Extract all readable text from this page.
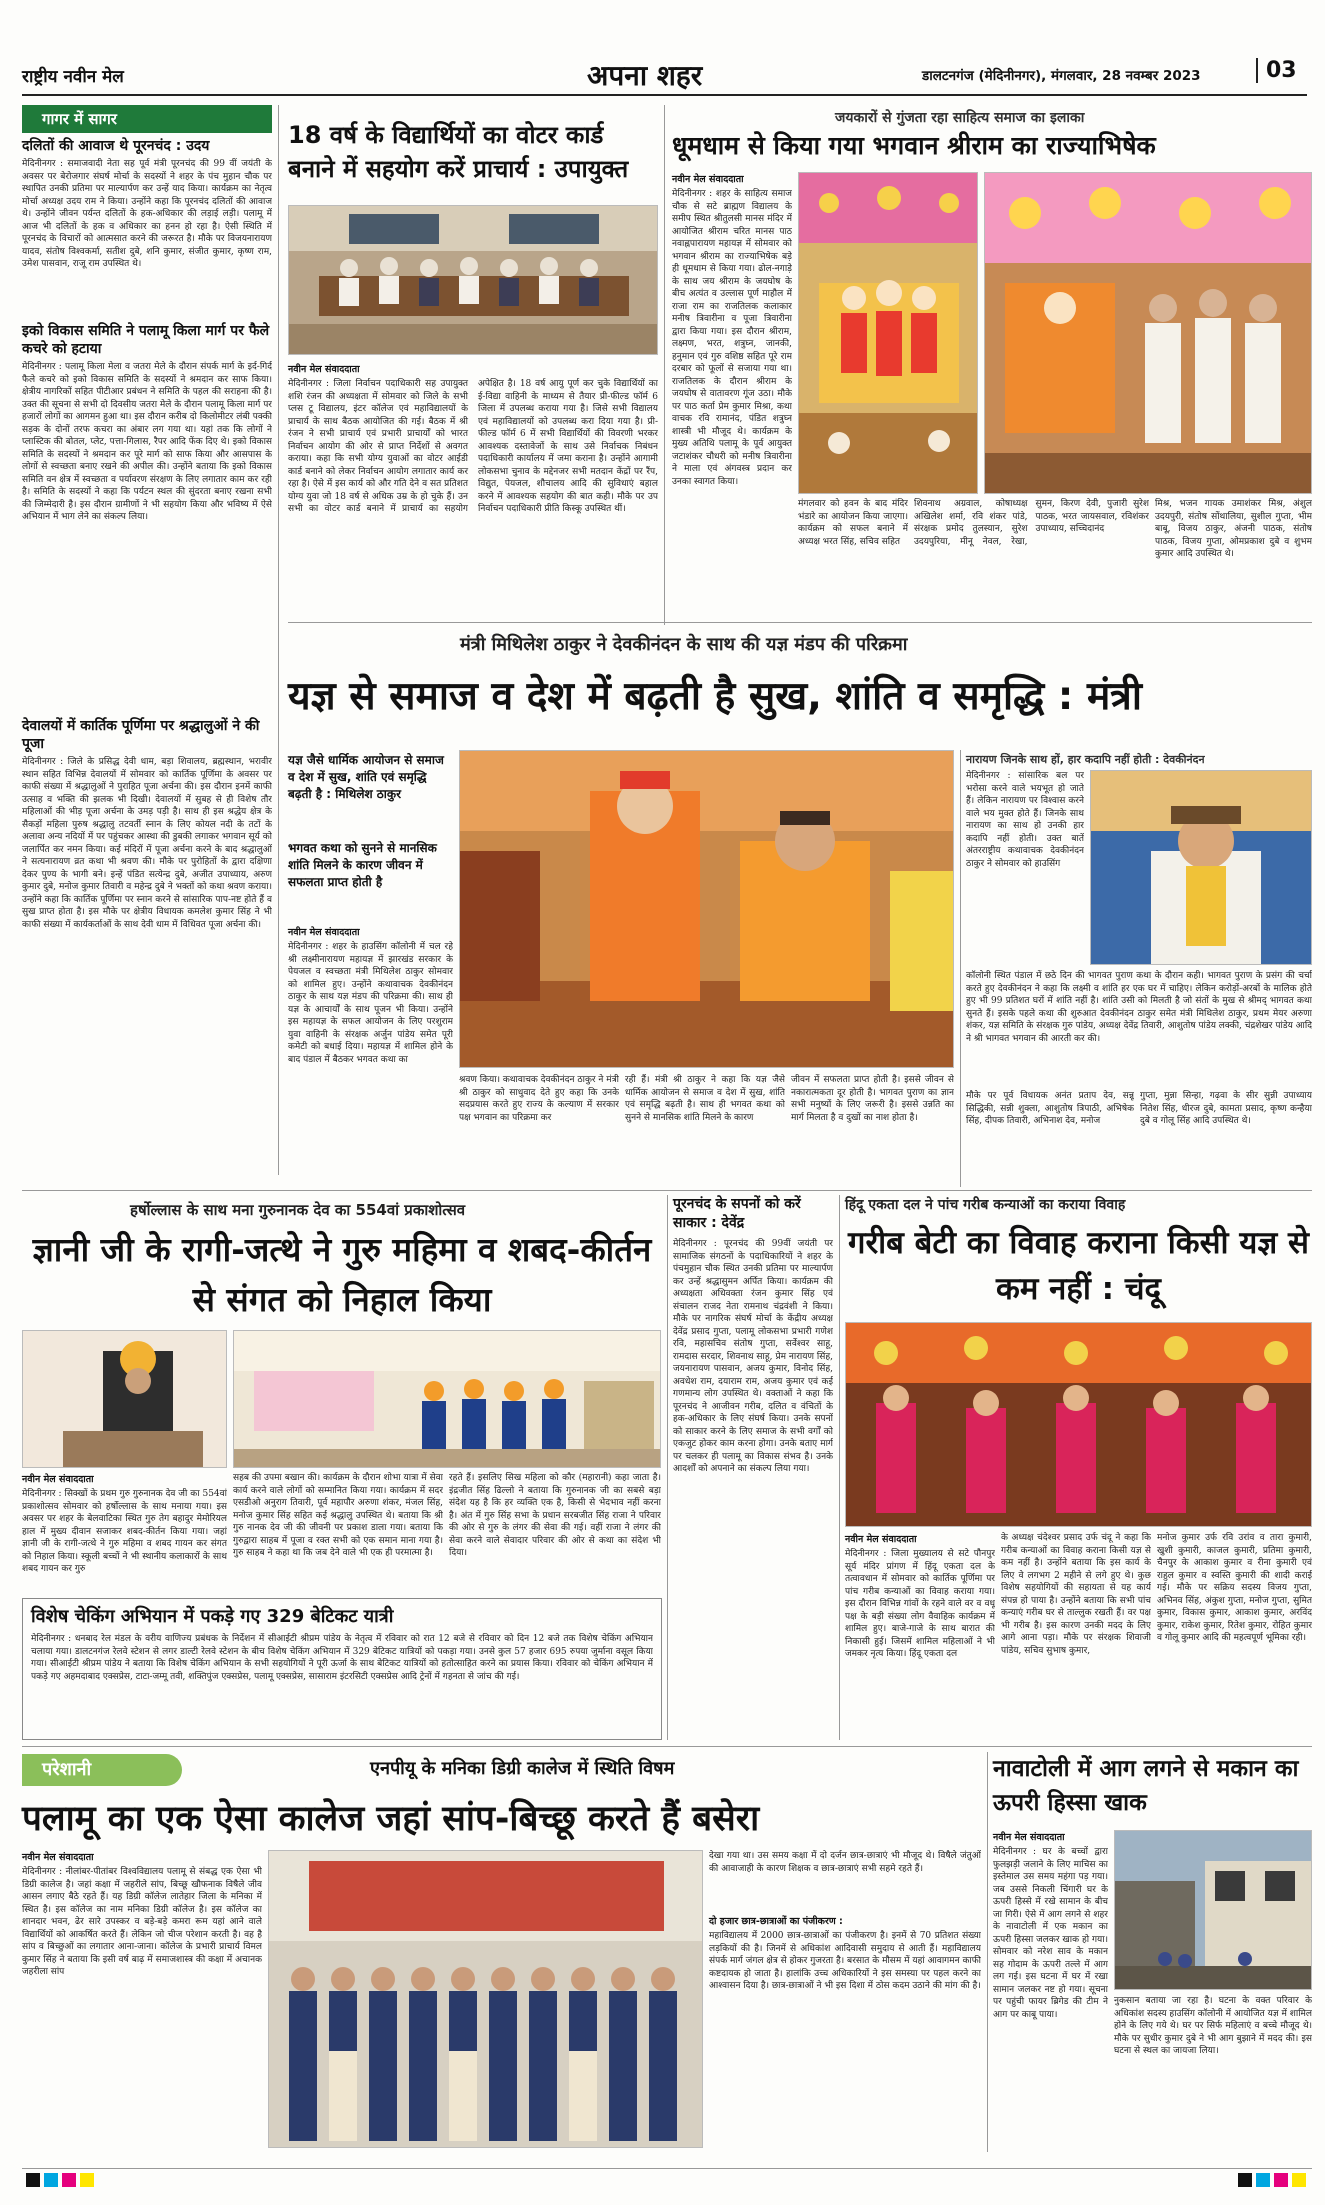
राष्ट्रीय नवीन मेल	अपना शहर	डालटनगंज (मेदिनीनगर), मंगलवार, 28 नवम्बर 2023	03
गागर में सागर
दलितों की आवाज थे पूरनचंद : उदय
मेदिनीनगर : समाजवादी नेता सह पूर्व मंत्री पूरनचंद की 99 वीं जयंती के अवसर पर बेरोजगार संघर्ष मोर्चा के सदस्यों ने शहर के पंच मुहान चौक पर स्थापित उनकी प्रतिमा पर माल्यार्पण कर उन्हें याद किया। कार्यक्रम का नेतृत्व मोर्चा अध्यक्ष उदय राम ने किया। उन्होंने कहा कि पूरनचंद दलितों की आवाज थे। उन्होंने जीवन पर्यन्त दलितों के हक-अधिकार की लड़ाई लड़ी। पलामू में आज भी दलितों के हक व अधिकार का हनन हो रहा है। ऐसी स्थिति में पूरनचंद के विचारों को आत्मसात करने की जरूरत है। मौके पर विजयनारायण यादव, संतोष विश्वकर्मा, सतीश दुबे, शनि कुमार, संजीत कुमार, कृष्ण राम, उमेश पासवान, राजू राम उपस्थित थे।
इको विकास समिति ने पलामू किला मार्ग पर फैले कचरे को हटाया
मेदिनीनगर : पलामू किला मेला व जतरा मेले के दौरान संपर्क मार्ग के इर्द-गिर्द फैले कचरे को इको विकास समिति के सदस्यों ने श्रमदान कर साफ किया। क्षेत्रीय नागरिकों सहित पीटीआर प्रबंधन ने समिति के पहल की सराहना की है। उक्त की सूचना से सभी दो दिवसीय जतरा मेले के दौरान पलामू किला मार्ग पर हजारों लोगों का आगमन हुआ था। इस दौरान करीब दो किलोमीटर लंबी पक्की सड़क के दोनों तरफ कचरा का अंबार लग गया था। यहां तक कि लोगों ने प्लास्टिक की बोतल, प्लेट, पत्ता-गिलास, रैपर आदि फेंक दिए थे। इको विकास समिति के सदस्यों ने श्रमदान कर पूरे मार्ग को साफ किया और आसपास के लोगों से स्वच्छता बनाए रखने की अपील की। उन्होंने बताया कि इको विकास समिति वन क्षेत्र में स्वच्छता व पर्यावरण संरक्षण के लिए लगातार काम कर रही है। समिति के सदस्यों ने कहा कि पर्यटन स्थल की सुंदरता बनाए रखना सभी की जिम्मेदारी है। इस दौरान ग्रामीणों ने भी सहयोग किया और भविष्य में ऐसे अभियान में भाग लेने का संकल्प लिया।
देवालयों में कार्तिक पूर्णिमा पर श्रद्धालुओं ने की पूजा
मेदिनीनगर : जिले के प्रसिद्ध देवी धाम, बड़ा शिवालय, ब्रह्मस्थान, भरावीर स्थान सहित विभिन्न देवालयों में सोमवार को कार्तिक पूर्णिमा के अवसर पर काफी संख्या में श्रद्धालुओं ने पुराहित पूजा अर्चना की। इस दौरान इनमें काफी उत्साह व भक्ति की झलक भी दिखी। देवालयों में सुबह से ही विशेष तौर महिलाओं की भीड़ पूजा अर्चना के उमड़ पड़ी है। साथ ही इस श्रद्धेय क्षेत्र के सैकड़ों महिला पुरुष श्रद्धालु तटवर्ती स्नान के लिए कोयल नदी के तटों के अलावा अन्य नदियों में पर पहुंचकर आस्था की डुबकी लगाकर भगवान सूर्य को जलार्पित कर नमन किया। कई मंदिरों में पूजा अर्चना करने के बाद श्रद्धालुओं ने सत्यनारायण व्रत कथा भी श्रवण की। मौके पर पुरोहितों के द्वारा दक्षिणा देकर पुण्य के भागी बने। इन्हें पंडित सत्येन्द्र दुबे, अजीत उपाध्याय, अरुण कुमार दुबे, मनोज कुमार तिवारी व महेन्द्र दुबे ने भक्तों को कथा श्रवण कराया। उन्होंने कहा कि कार्तिक पूर्णिमा पर स्नान करने से सांसारिक पाप-नष्ट होते हैं व सुख प्राप्त होता है। इस मौके पर क्षेत्रीय विधायक कमलेश कुमार सिंह ने भी काफी संख्या में कार्यकर्ताओं के साथ देवी धाम में विधिवत पूजा अर्चना की।
18 वर्ष के विद्यार्थियों का वोटर कार्ड बनाने में सहयोग करें प्राचार्य : उपायुक्त
नवीन मेल संवाददाता
मेदिनीनगर : जिला निर्वाचन पदाधिकारी सह उपायुक्त शशि रंजन की अध्यक्षता में सोमवार को जिले के सभी प्लस टू विद्यालय, इंटर कॉलेज एवं महाविद्यालयों के प्राचार्य के साथ बैठक आयोजित की गई। बैठक में श्री रंजन ने सभी प्राचार्य एवं प्रभारी प्राचार्यों को भारत निर्वाचन आयोग की ओर से प्राप्त निर्देशों से अवगत कराया। कहा कि सभी योग्य युवाओं का वोटर आईडी कार्ड बनाने को लेकर निर्वाचन आयोग लगातार कार्य कर रहा है। ऐसे में इस कार्य को और गति देने व सत प्रतिशत योग्य युवा जो 18 वर्ष से अधिक उम्र के हो चुके हैं। उन सभी का वोटर कार्ड बनाने में प्राचार्य का सहयोग अपेक्षित है। 18 वर्ष आयु पूर्ण कर चुके विद्यार्थियों का ई-विद्या वाहिनी के माध्यम से तैयार प्री-फील्ड फॉर्म 6 जिला में उपलब्ध कराया गया है। जिसे सभी विद्यालय एवं महाविद्यालयों को उपलब्ध करा दिया गया है। प्री-फील्ड फॉर्म 6 में सभी विद्यार्थियों की विवरणी भरकर आवश्यक दस्तावेजों के साथ उसे निर्वाचक निबंधन पदाधिकारी कार्यालय में जमा कराना है। उन्होंने आगामी लोकसभा चुनाव के मद्देनजर सभी मतदान केंद्रों पर रैंप, विद्युत, पेयजल, शौचालय आदि की सुविधाएं बहाल करने में आवश्यक सहयोग की बात कही। मौके पर उप निर्वाचन पदाधिकारी प्रीति किस्कू उपस्थित थीं।
जयकारों से गुंजता रहा साहित्य समाज का इलाका
धूमधाम से किया गया भगवान श्रीराम का राज्याभिषेक
नवीन मेल संवाददाता
मेदिनीनगर : शहर के साहित्य समाज चौक से सटे ब्राह्मण विद्यालय के समीप स्थित श्रीतुलसी मानस मंदिर में आयोजित श्रीराम चरित मानस पाठ नवाह्नपारायण महायज्ञ में सोमवार को भगवान श्रीराम का राज्याभिषेक बड़े ही धूमधाम से किया गया। ढोल-नगाड़े के साथ जय श्रीराम के जयघोष के बीच अत्यंत व उल्लास पूर्ण माहौल में राजा राम का राजतिलक कलाकार मनीष त्रिवारीना व पूजा त्रिवारीना द्वारा किया गया। इस दौरान श्रीराम, लक्ष्मण, भरत, शत्रुघ्न, जानकी, हनुमान एवं गुरु वशिष्ठ सहित पूरे राम दरबार को फूलों से सजाया गया था। राजतिलक के दौरान श्रीराम के जयघोष से वातावरण गूंज उठा। मौके पर पाठ कर्ता प्रेम कुमार मिश्रा, कथा वाचक रवि रामानंद, पंडित शत्रुघ्न शास्त्री भी मौजूद थे। कार्यक्रम के मुख्य अतिथि पलामू के पूर्व आयुक्त जटाशंकर चौधरी को मनीष त्रिवारीना ने माला एवं अंगवस्त्र प्रदान कर उनका स्वागत किया।
मंगलवार को हवन के बाद मंदिर भंडारे का आयोजन किया जाएगा। कार्यक्रम को सफल बनाने में अध्यक्ष भरत सिंह, सचिव सहित
शिवनाथ अग्रवाल, कोषाध्यक्ष अखिलेश शर्मा, रवि शंकर पांडे, संरक्षक प्रमोद तुलस्यान, सुरेश उदयपुरिया, मीनू नेवल, रेखा, सुमन, किरण देवी, पुजारी सुरेश पाठक, भरत जायसवाल, रविशंकर उपाध्याय, सच्चिदानंद
मिश्र, भजन गायक उमाशंकर मिश्र, अंशुल उदयपुरी, संतोष सोंथालिया, सुशील गुप्ता, भीम बाबू, विजय ठाकुर, अंजनी पाठक, संतोष पाठक, विजय गुप्ता, ओमप्रकाश दुबे व शुभम कुमार आदि उपस्थित थे।
मंत्री मिथिलेश ठाकुर ने देवकीनंदन के साथ की यज्ञ मंडप की परिक्रमा
यज्ञ से समाज व देश में बढ़ती है सुख, शांति व समृद्धि : मंत्री
यज्ञ जैसे धार्मिक आयोजन से समाज व देश में सुख, शांति एवं समृद्धि बढ़ती है : मिथिलेश ठाकुर
भगवत कथा को सुनने से मानसिक शांति मिलने के कारण जीवन में सफलता प्राप्त होती है
नवीन मेल संवाददाता
मेदिनीनगर : शहर के हाउसिंग कॉलोनी में चल रहे श्री लक्ष्मीनारायण महायज्ञ में झारखंड सरकार के पेयजल व स्वच्छता मंत्री मिथिलेश ठाकुर सोमवार को शामिल हुए। उन्होंने कथावाचक देवकीनंदन ठाकुर के साथ यज्ञ मंडप की परिक्रमा की। साथ ही यज्ञ के आचार्यों के साथ पूजन भी किया। उन्होंने इस महायज्ञ के सफल आयोजन के लिए परशुराम युवा वाहिनी के संरक्षक अर्जुन पांडेय समेत पूरी कमेटी को बधाई दिया। महायज्ञ में शामिल होने के बाद पंडाल में बैठकर भगवत कथा का
श्रवण किया। कथावाचक देवकीनंदन ठाकुर ने मंत्री श्री ठाकुर को साधुवाद देते हुए कहा कि उनके सदप्रयास करते हुए राज्य के कल्याण में सरकार पक्ष भगवान का परिक्रमा कर
रही हैं। मंत्री श्री ठाकुर ने कहा कि यज्ञ जैसे धार्मिक आयोजन से समाज व देश में सुख, शांति एवं समृद्धि बढ़ती है। साथ ही भगवत कथा को सुनने से मानसिक शांति मिलने के कारण
जीवन में सफलता प्राप्त होती है। इससे जीवन से नकारात्मकता दूर होती है। भागवत पुराण का ज्ञान सभी मनुष्यों के लिए जरूरी है। इससे उन्नति का मार्ग मिलता है व दुखों का नाश होता है।
नारायण जिनके साथ हों, हार कदापि नहीं होती : देवकीनंदन
मेदिनीनगर : सांसारिक बल पर भरोसा करने वाले भयभूत हो जाते हैं। लेकिन नारायण पर विश्वास करने वाले भय मुक्त होते हैं। जिनके साथ नारायण का साथ हो उनकी हार कदापि नहीं होती। उक्त बातें अंतरराष्ट्रीय कथावाचक देवकीनंदन ठाकुर ने सोमवार को हाउसिंग
कॉलोनी स्थित पंडाल में छठे दिन की भागवत पुराण कथा के दौरान कही। भागवत पुराण के प्रसंग की चर्चा करते हुए देवकीनंदन ने कहा कि लक्ष्मी व शांति हर एक घर में चाहिए। लेकिन करोड़ों-अरबों के मालिक होते हुए भी 99 प्रतिशत घरों में शांति नहीं है। शांति उसी को मिलती है जो संतों के मुख से श्रीमद् भागवत कथा सुनते हैं। इसके पहले कथा की शुरुआत देवकीनंदन ठाकुर समेत मंत्री मिथिलेश ठाकुर, प्रथम मेयर अरुणा शंकर, यज्ञ समिति के संरक्षक गुरु पांडेय, अध्यक्ष देवेंद्र तिवारी, आशुतोष पांडेय लक्की, चंद्रशेखर पांडेय आदि ने श्री भागवत भगवान की आरती कर की।
मौके पर पूर्व विधायक अनंत प्रताप देव, सन्नू सिद्धिकी, सन्नी शुक्ला, आशुतोष त्रिपाठी, अभिषेक सिंह, दीपक तिवारी, अभिनाश देव, मनोज
गुप्ता, मुन्ना सिन्हा, गढ़वा के सीर सुन्नी उपाध्याय नितेश सिंह, धीरज दुबे, कामता प्रसाद, कृष्ण कन्हैया दुबे व गोलू सिंह आदि उपस्थित थे।
हर्षोल्लास के साथ मना गुरुनानक देव का 554वां प्रकाशोत्सव
ज्ञानी जी के रागी-जत्थे ने गुरु महिमा व शबद-कीर्तन से संगत को निहाल किया
नवीन मेल संवाददाता
मेदिनीनगर : सिक्खों के प्रथम गुरु गुरुनानक देव जी का 554वां प्रकाशोत्सव सोमवार को हर्षोल्लास के साथ मनाया गया। इस अवसर पर शहर के बेलवाटिका स्थित गुरु तेग बहादुर मेमोरियल हाल में मुख्य दीवान सजाकर शबद-कीर्तन किया गया। जहां ज्ञानी जी के रागी-जत्थे ने गुरु महिमा व शबद गायन कर संगत को निहाल किया। स्कूली बच्चों ने भी स्थानीय कलाकारों के साथ शबद गायन कर गुरु
सहब की उपमा बखान की। कार्यक्रम के दौरान शोभा यात्रा में सेवा कार्य करने वाले लोगों को सम्मानित किया गया। कार्यक्रम में सदर एसडीओ अनुराग तिवारी, पूर्व महापौर अरुणा शंकर, मंजल सिंह, मनोज कुमार सिंह सहित कई श्रद्धालु उपस्थित थे। बताया कि श्री गुरु नानक देव जी की जीवनी पर प्रकाश डाला गया। बताया कि गुरुद्वारा साहब में पूजा व रक्त सभी को एक समान माना गया है। गुरु साहब ने कहा था कि जब देने वाले भी एक ही परमात्मा है।
रहते हैं। इसलिए सिख महिला को कौर (महारानी) कहा जाता है। इंद्रजीत सिंह ढिल्लो ने बताया कि गुरुनानक जी का सबसे बड़ा संदेश यह है कि हर व्यक्ति एक है, किसी से भेदभाव नहीं करना है। अंत में गुरु सिंह सभा के प्रधान सरबजीत सिंह राजा ने परिवार की ओर से गुरु के लंगर की सेवा की गई। वहीं राजा ने लंगर की सेवा करने वाले सेवादार परिवार की ओर से कथा का संदेश भी दिया।
पूरनचंद के सपनों को करें साकार : देवेंद्र
मेदिनीनगर : पूरनचंद की 99वीं जयंती पर सामाजिक संगठनों के पदाधिकारियों ने शहर के पंचमुहान चौक स्थित उनकी प्रतिमा पर माल्यार्पण कर उन्हें श्रद्धासुमन अर्पित किया। कार्यक्रम की अध्यक्षता अधिवक्ता रंजन कुमार सिंह एवं संचालन राजद नेता रामनाथ चंद्रवंशी ने किया। मौके पर नागरिक संघर्ष मोर्चा के केंद्रीय अध्यक्ष देवेंद्र प्रसाद गुप्ता, पलामू लोकसभा प्रभारी गणेश रवि, महासचिव संतोष गुप्ता, सर्वेश्वर साहू, रामदास सरदार, शिवनाथ साहू, प्रेम नारायण सिंह, जयनारायण पासवान, अजय कुमार, विनोद सिंह, अवधेश राम, दयाराम राम, अजय कुमार एवं कई गणमान्य लोग उपस्थित थे। वक्ताओं ने कहा कि पूरनचंद ने आजीवन गरीब, दलित व वंचितों के हक-अधिकार के लिए संघर्ष किया। उनके सपनों को साकार करने के लिए समाज के सभी वर्गों को एकजुट होकर काम करना होगा। उनके बताए मार्ग पर चलकर ही पलामू का विकास संभव है। उनके आदर्शों को अपनाने का संकल्प लिया गया।
हिंदू एकता दल ने पांच गरीब कन्याओं का कराया विवाह
गरीब बेटी का विवाह कराना किसी यज्ञ से कम नहीं : चंदू
नवीन मेल संवाददाता
मेदिनीनगर : जिला मुख्यालय से सटे पौनपुर सूर्य मंदिर प्रांगण में हिंदू एकता दल के तत्वावधान में सोमवार को कार्तिक पूर्णिमा पर पांच गरीब कन्याओं का विवाह कराया गया। इस दौरान विभिन्न गांवों के रहने वाले वर व वधू पक्ष के बड़ी संख्या लोग वैवाहिक कार्यक्रम में शामिल हुए। बाजे-गाजे के साथ बारात की निकासी हुई। जिसमें शामिल महिलाओं ने भी जमकर नृत्य किया। हिंदू एकता दल
के अध्यक्ष चंदेश्वर प्रसाद उर्फ चंदू ने कहा कि गरीब कन्याओं का विवाह कराना किसी यज्ञ से कम नहीं है। उन्होंने बताया कि इस कार्य के लिए वे लगभग 2 महीने से लगे हुए थे। कुछ विशेष सहयोगियों की सहायता से यह कार्य संपन्न हो पाया है। उन्होंने बताया कि सभी पांच कन्याएं गरीब घर से ताल्लुक रखती हैं। वर पक्ष भी गरीब है। इस कारण उनकी मदद के लिए आगे आना पड़ा। मौके पर संरक्षक शिवाजी पांडेय, सचिव सुभाष कुमार,
मनोज कुमार उर्फ रवि उरांव व तारा कुमारी, खुशी कुमारी, काजल कुमारी, प्रतिमा कुमारी, चैनपुर के आकाश कुमार व रीना कुमारी एवं राहुल कुमार व स्वस्ति कुमारी की शादी कराई गई। मौके पर सक्रिय सदस्य विजय गुप्ता, अभिनव सिंह, अंकुश गुप्ता, मनोज गुप्ता, सुमित कुमार, विकास कुमार, आकाश कुमार, अरविंद कुमार, राकेश कुमार, रितेश कुमार, रोहित कुमार व गोलू कुमार आदि की महत्वपूर्ण भूमिका रही।
विशेष चेकिंग अभियान में पकड़े गए 329 बेटिकट यात्री
मेदिनीनगर : धनबाद रेल मंडल के वरीय वाणिज्य प्रबंधक के निर्देशन में सीआईटी श्रीप्रम पांडेय के नेतृत्व में रविवार को रात 12 बजे से रविवार को दिन 12 बजे तक विशेष चेकिंग अभियान चलाया गया। डालटनगंज रेलवे स्टेशन से लगर डाल्टी रेलवे स्टेशन के बीच विशेष चेकिंग अभियान में 329 बेटिकट यात्रियों को पकड़ा गया। उनसे कुल 57 हजार 695 रुपया जुर्माना वसूल किया गया। सीआईटी श्रीप्रम पांडेय ने बताया कि विशेष चेकिंग अभियान के सभी सहयोगियों ने पूरी ऊर्जा के साथ बेटिकट यात्रियों को हतोत्साहित करने का प्रयास किया। रविवार को चेकिंग अभियान में पकड़े गए अहमदाबाद एक्सप्रेस, टाटा-जम्मू तवी, शक्तिपुंज एक्सप्रेस, पलामू एक्सप्रेस, सासाराम इंटरसिटी एक्सप्रेस आदि ट्रेनों में गहनता से जांच की गई।
परेशानी	एनपीयू के मनिका डिग्री कालेज में स्थिति विषम
पलामू का एक ऐसा कालेज जहां सांप-बिच्छू करते हैं बसेरा
नवीन मेल संवाददाता
मेदिनीनगर : नीलांबर-पीतांबर विश्वविद्यालय पलामू से संबद्ध एक ऐसा भी डिग्री कालेज है। जहां कक्षा में जहरीले सांप, बिच्छू खौफनाक विषैले जीव आसन लगाए बैठे रहते हैं। यह डिग्री कॉलेज लातेहार जिला के मनिका में स्थित है। इस कॉलेज का नाम मनिका डिग्री कॉलेज है। इस कॉलेज का शानदार भवन, ढेर सारे उपस्कर व बड़े-बड़े कमरा रूम यहां आने वाले विद्यार्थियों को आकर्षित करते हैं। लेकिन जो चीज परेशान करती है। वह है सांप व बिच्छुओं का लगातार आना-जाना। कॉलेज के प्रभारी प्राचार्य विमल कुमार सिंह ने बताया कि इसी वर्ष बाढ़ में समाजशास्त्र की कक्षा में अचानक जहरीला सांप
देखा गया था। उस समय कक्षा में दो दर्जन छात्र-छात्राएं भी मौजूद थे। विषैले जंतुओं की आवाजाही के कारण शिक्षक व छात्र-छात्राएं सभी सहमे रहते हैं।
दो हजार छात्र-छात्राओं का पंजीकरण :
महाविद्यालय में 2000 छात्र-छात्राओं का पंजीकरण है। इनमें से 70 प्रतिशत संख्या लड़कियों की है। जिनमें से अधिकांश आदिवासी समुदाय से आती हैं। महाविद्यालय संपर्क मार्ग जंगल क्षेत्र से होकर गुजरता है। बरसात के मौसम में यहां आवागमन काफी कष्टदायक हो जाता है। हालांकि उच्च अधिकारियों ने इस समस्या पर पहल करने का आश्वासन दिया है। छात्र-छात्राओं ने भी इस दिशा में ठोस कदम उठाने की मांग की है।
नावाटोली में आग लगने से मकान का ऊपरी हिस्सा खाक
नवीन मेल संवाददाता
मेदिनीनगर : घर के बच्चों द्वारा फुलझड़ी जलाने के लिए माचिस का इस्तेमाल उस समय महंगा पड़ गया। जब उससे निकली चिंगारी घर के ऊपरी हिस्से में रखे सामान के बीच जा गिरी। ऐसे में आग लगने से शहर के नावाटोली में एक मकान का ऊपरी हिस्सा जलकर खाक हो गया। सोमवार को नरेश साव के मकान सह गोदाम के ऊपरी तल्ले में आग लग गई। इस घटना में घर में रखा सामान जलकर नष्ट हो गया। सूचना पर पहुंची फायर ब्रिगेड की टीम ने आग पर काबू पाया।
नुकसान बताया जा रहा है। घटना के वक्त परिवार के अधिकांश सदस्य हाउसिंग कॉलोनी में आयोजित यज्ञ में शामिल होने के लिए गये थे। घर पर सिर्फ महिलाएं व बच्चे मौजूद थे। मौके पर सुधीर कुमार दुबे ने भी आग बुझाने में मदद की। इस घटना से स्थल का जायजा लिया।
